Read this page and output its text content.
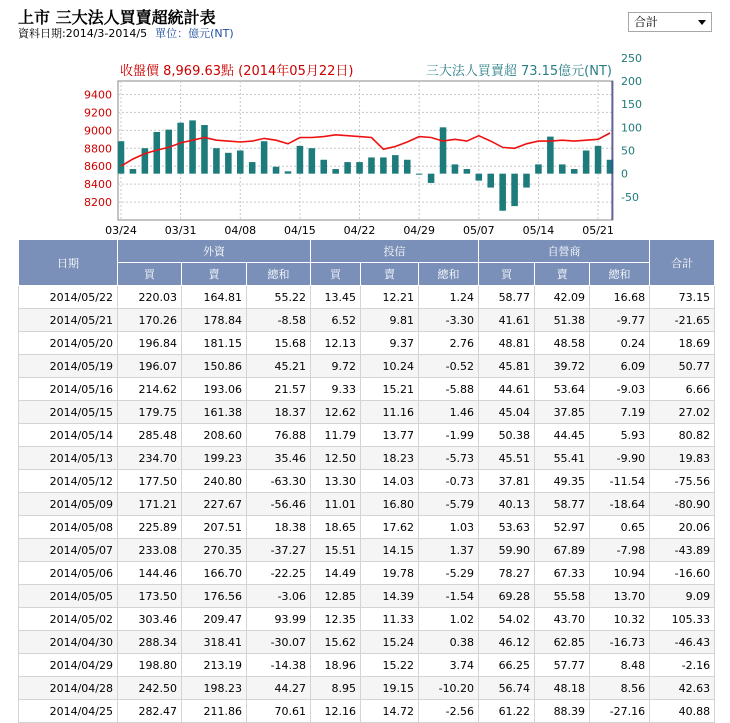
上市 三大法人買賣超統計表
資料日期:2014/3-2014/5 單位：億元(NT)
合計
收盤價 8,969.63點 (2014年05月22日)	三大法人買賣超 73.15億元(NT)
8200
8400
8600
8800
9000
9200
9400
-50
0
50
100
150
200
250
03/24	03/31	04/08	04/15	04/22	04/29	05/07	05/14	05/21
日期	外資			投信			自營商			合計
	買	賣	總和	買	賣	總和	買	賣	總和	
2014/05/22	220.03	164.81	55.22	13.45	12.21	1.24	58.77	42.09	16.68	73.15
2014/05/21	170.26	178.84	-8.58	6.52	9.81	-3.30	41.61	51.38	-9.77	-21.65
2014/05/20	196.84	181.15	15.68	12.13	9.37	2.76	48.81	48.58	0.24	18.69
2014/05/19	196.07	150.86	45.21	9.72	10.24	-0.52	45.81	39.72	6.09	50.77
2014/05/16	214.62	193.06	21.57	9.33	15.21	-5.88	44.61	53.64	-9.03	6.66
2014/05/15	179.75	161.38	18.37	12.62	11.16	1.46	45.04	37.85	7.19	27.02
2014/05/14	285.48	208.60	76.88	11.79	13.77	-1.99	50.38	44.45	5.93	80.82
2014/05/13	234.70	199.23	35.46	12.50	18.23	-5.73	45.51	55.41	-9.90	19.83
2014/05/12	177.50	240.80	-63.30	13.30	14.03	-0.73	37.81	49.35	-11.54	-75.56
2014/05/09	171.21	227.67	-56.46	11.01	16.80	-5.79	40.13	58.77	-18.64	-80.90
2014/05/08	225.89	207.51	18.38	18.65	17.62	1.03	53.63	52.97	0.65	20.06
2014/05/07	233.08	270.35	-37.27	15.51	14.15	1.37	59.90	67.89	-7.98	-43.89
2014/05/06	144.46	166.70	-22.25	14.49	19.78	-5.29	78.27	67.33	10.94	-16.60
2014/05/05	173.50	176.56	-3.06	12.85	14.39	-1.54	69.28	55.58	13.70	9.09
2014/05/02	303.46	209.47	93.99	12.35	11.33	1.02	54.02	43.70	10.32	105.33
2014/04/30	288.34	318.41	-30.07	15.62	15.24	0.38	46.12	62.85	-16.73	-46.43
2014/04/29	198.80	213.19	-14.38	18.96	15.22	3.74	66.25	57.77	8.48	-2.16
2014/04/28	242.50	198.23	44.27	8.95	19.15	-10.20	56.74	48.18	8.56	42.63
2014/04/25	282.47	211.86	70.61	12.16	14.72	-2.56	61.22	88.39	-27.16	40.88
